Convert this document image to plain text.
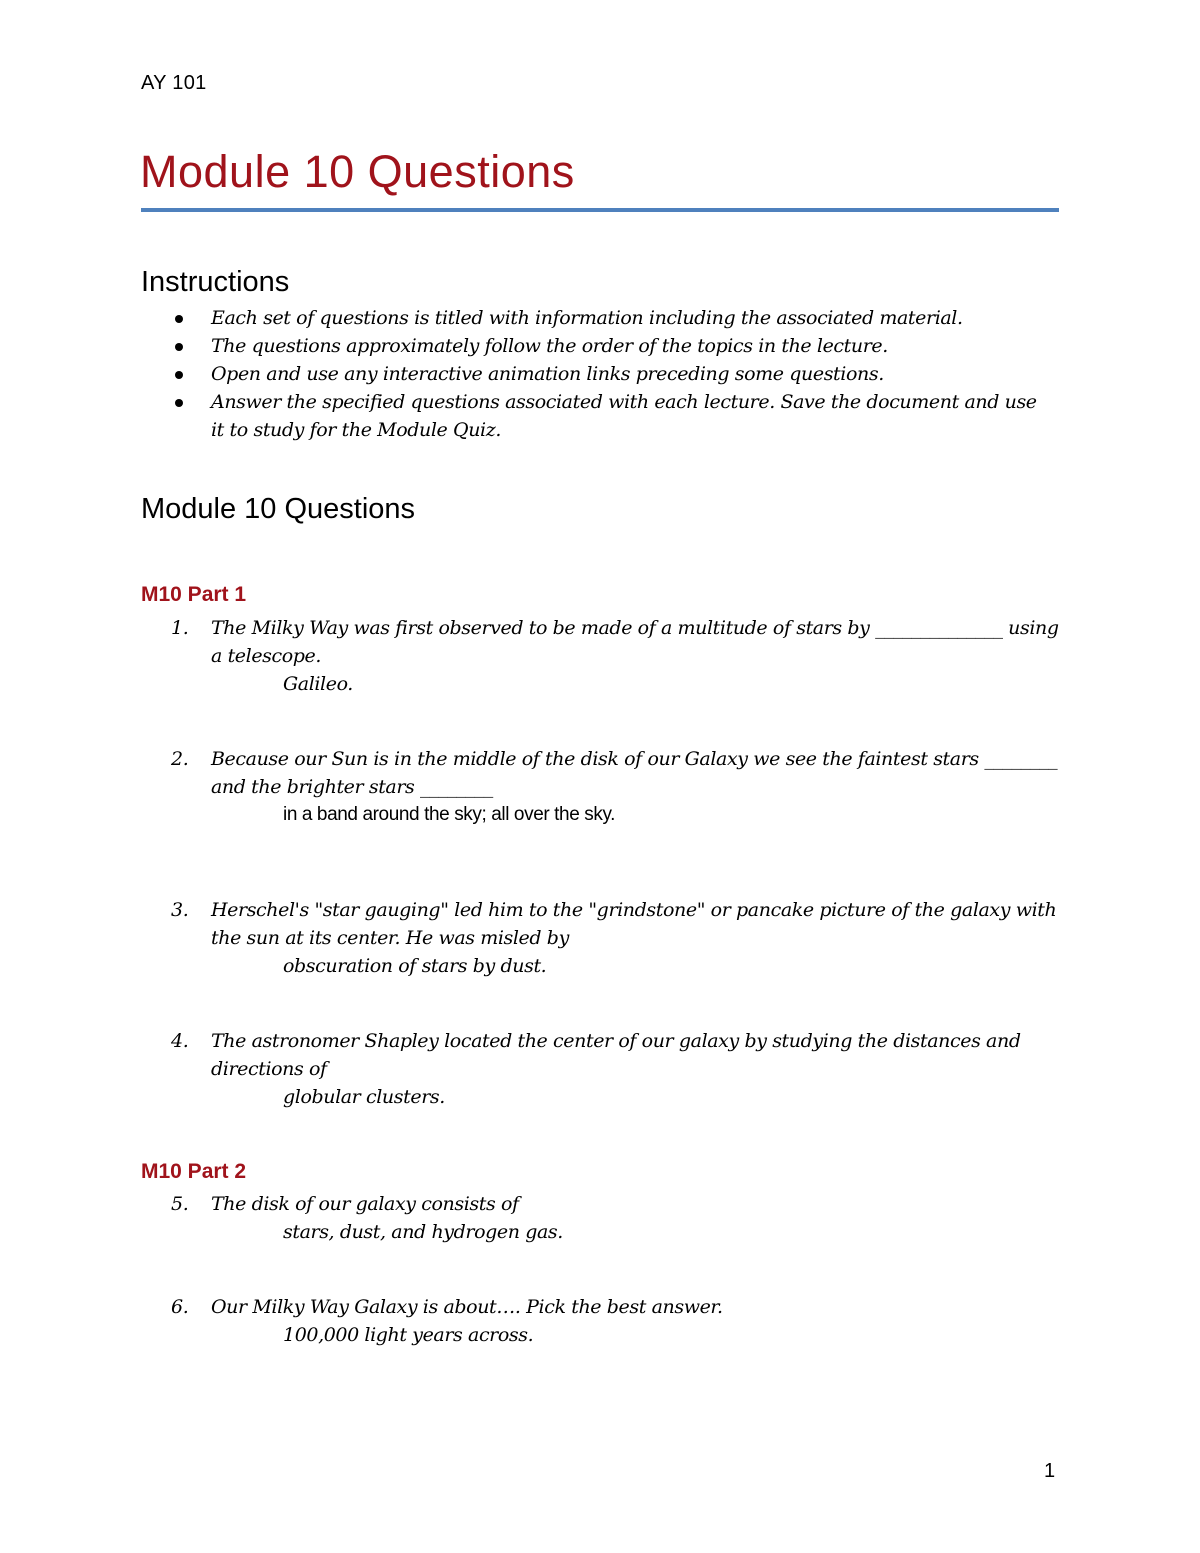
AY 101
Module 10 Questions
Instructions
Each set of questions is titled with information including the associated material.
The questions approximately follow the order of the topics in the lecture.
Open and use any interactive animation links preceding some questions.
Answer the specified questions associated with each lecture. Save the document and use it to study for the Module Quiz.
Module 10 Questions
M10 Part 1
1.	The Milky Way was first observed to be made of a multitude of stars by ______________ using a telescope.
Galileo.
2.	Because our Sun is in the middle of the disk of our Galaxy we see the faintest stars ________ and the brighter stars ________
in a band around the sky; all over the sky.
3.	Herschel's "star gauging" led him to the "grindstone" or pancake picture of the galaxy with the sun at its center. He was misled by
obscuration of stars by dust.
4.	The astronomer Shapley located the center of our galaxy by studying the distances and directions of
globular clusters.
M10 Part 2
5.	The disk of our galaxy consists of
stars, dust, and hydrogen gas.
6.	Our Milky Way Galaxy is about…. Pick the best answer.
100,000 light years across.
1
